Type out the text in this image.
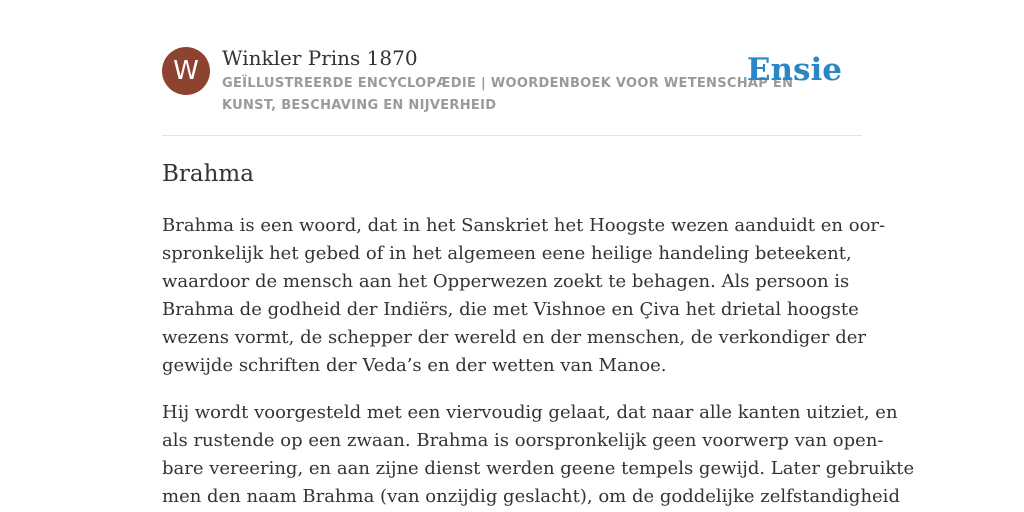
W	Winkler Prins 1870
GEÏLLUSTREERDE ENCYCLOPÆDIE | WOORDENBOEK VOOR WETENSCHAP EN
KUNST, BESCHAVING EN NIJVERHEID
Ensie
Brahma

Brahma is een woord, dat in het Sanskriet het Hoogste wezen aanduidt en oor-
spronkelijk het gebed of in het algemeen eene heilige handeling beteekent,
waardoor de mensch aan het Opperwezen zoekt te behagen. Als persoon is
Brahma de godheid der Indiërs, die met Vishnoe en Çiva het drietal hoogste
wezens vormt, de schepper der wereld en der menschen, de verkondiger der
gewijde schriften der Veda’s en der wetten van Manoe.

Hij wordt voorgesteld met een viervoudig gelaat, dat naar alle kanten uitziet, en
als rustende op een zwaan. Brahma is oorspronkelijk geen voorwerp van open-
bare vereering, en aan zijne dienst werden geene tempels gewijd. Later gebruikte
men den naam Brahma (van onzijdig geslacht), om de goddelijke zelfstandigheid
